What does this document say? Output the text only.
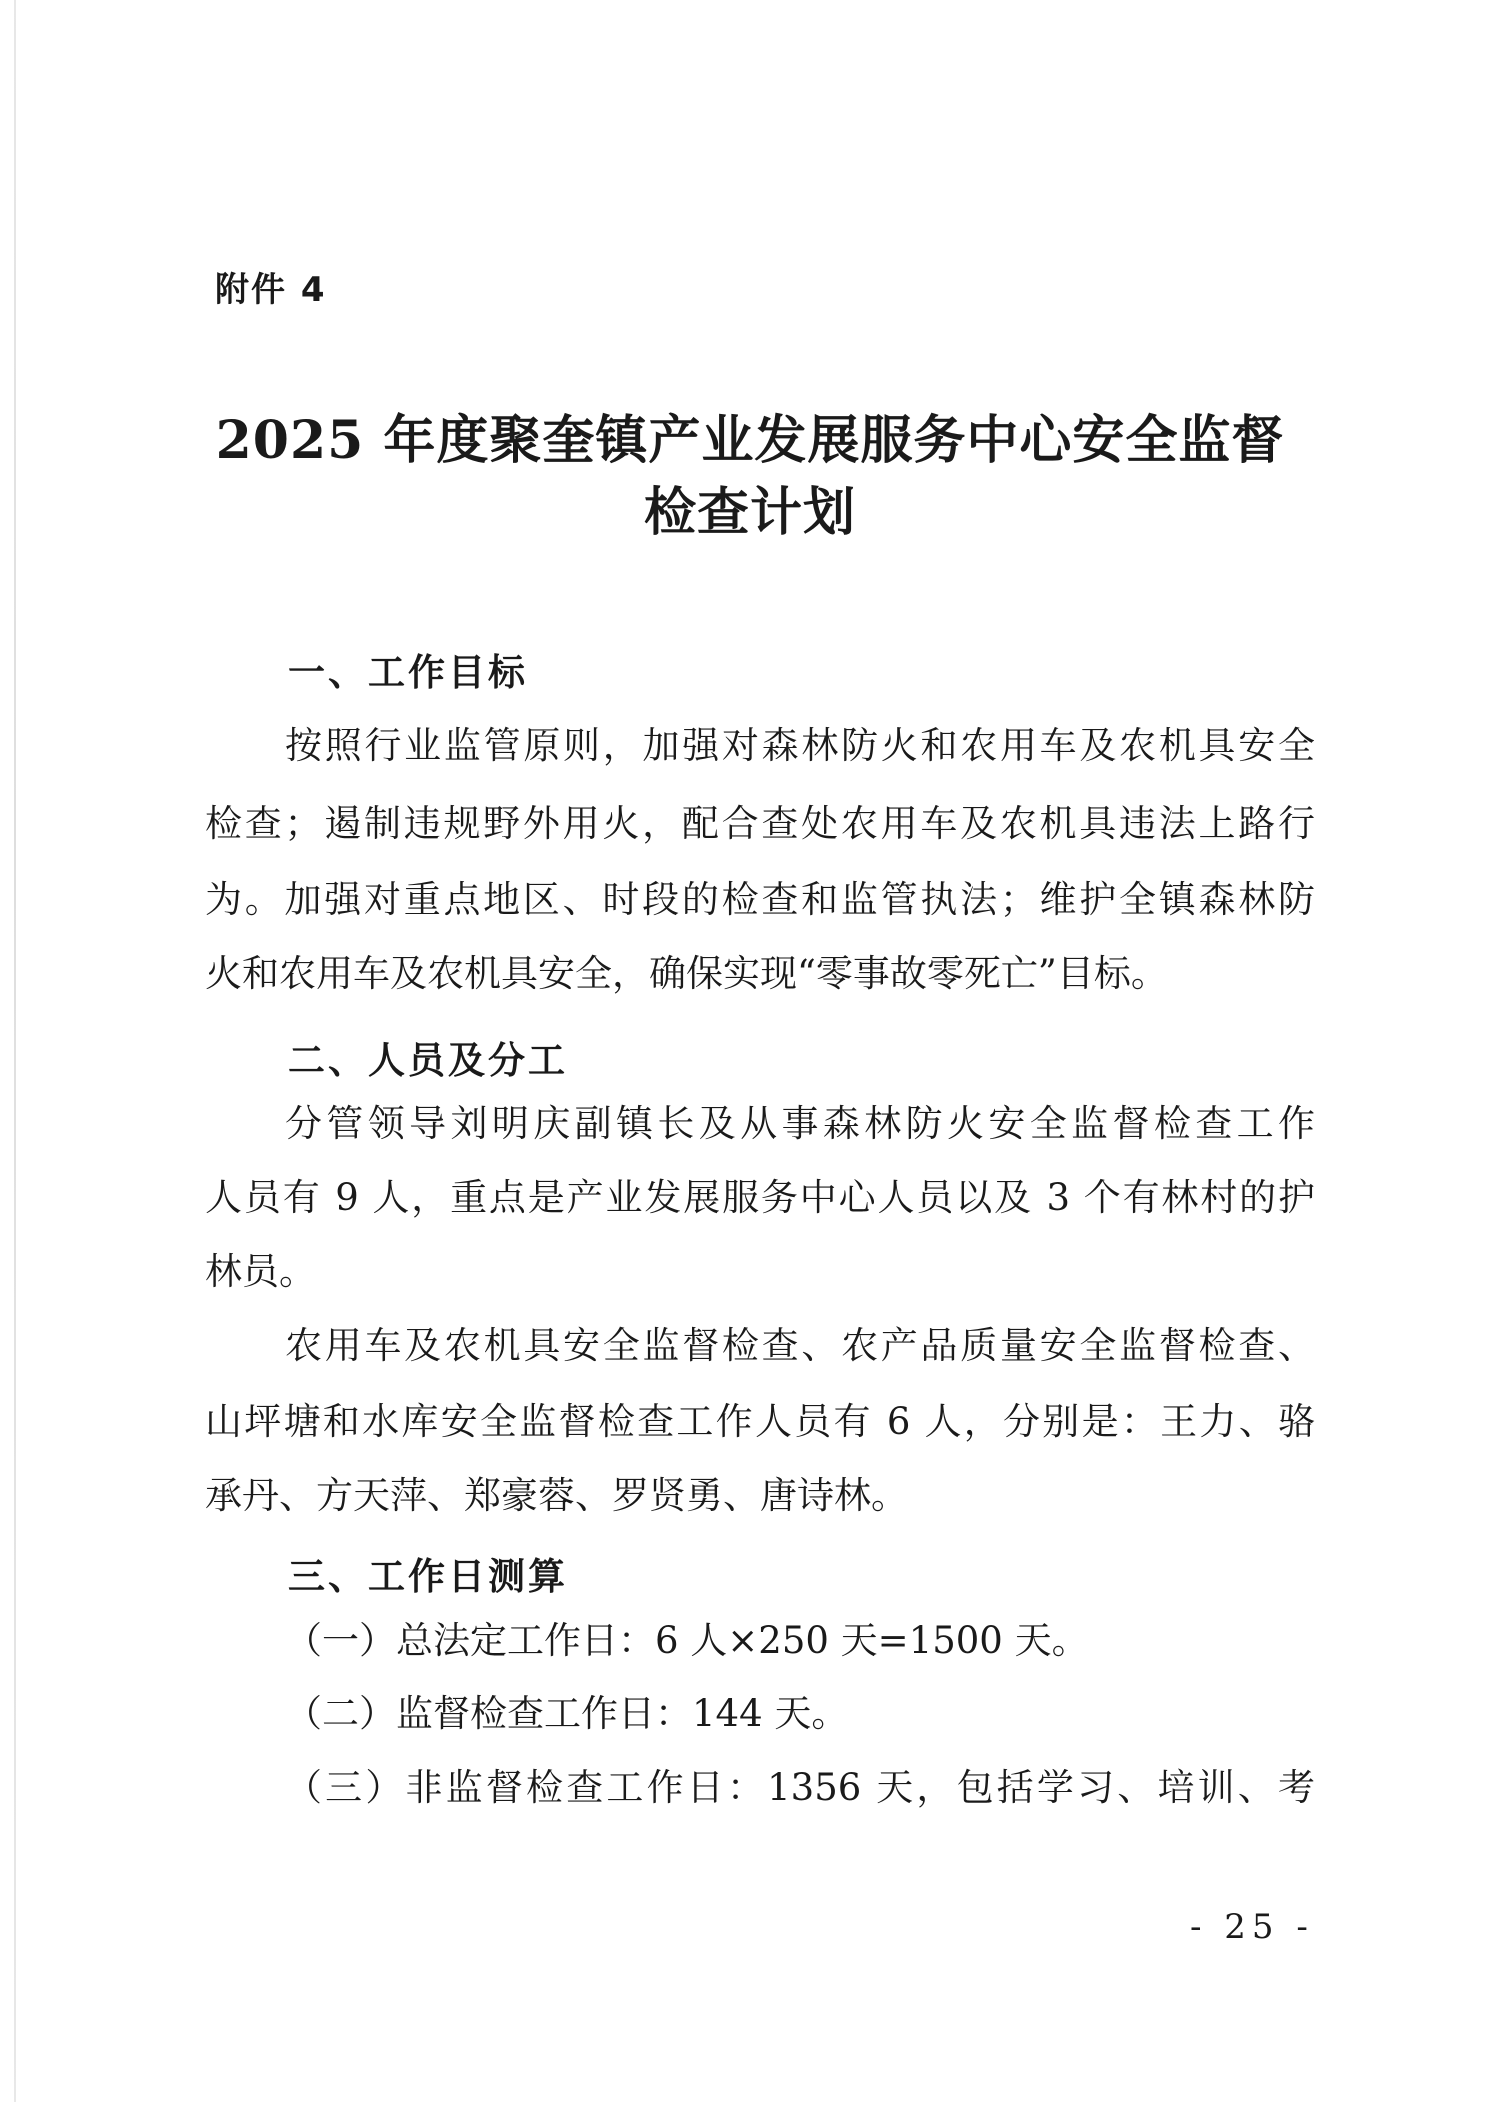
附件 4
2025 年度聚奎镇产业发展服务中心安全监督
检查计划
一、工作目标
按照行业监管原则，加强对森林防火和农用车及农机具安全
检查；遏制违规野外用火，配合查处农用车及农机具违法上路行
为。加强对重点地区、时段的检查和监管执法；维护全镇森林防
火和农用车及农机具安全，确保实现“零事故零死亡”目标。
二、人员及分工
分管领导刘明庆副镇长及从事森林防火安全监督检查工作
人员有 9 人，重点是产业发展服务中心人员以及 3 个有林村的护
林员。
农用车及农机具安全监督检查、农产品质量安全监督检查、
山坪塘和水库安全监督检查工作人员有 6 人，分别是：王力、骆
承丹、方天萍、郑豪蓉、罗贤勇、唐诗林。
三、工作日测算
（一）总法定工作日：6 人×250 天=1500 天。
（二）监督检查工作日：144 天。
（三）非监督检查工作日：1356 天，包括学习、培训、考
- 25 -
